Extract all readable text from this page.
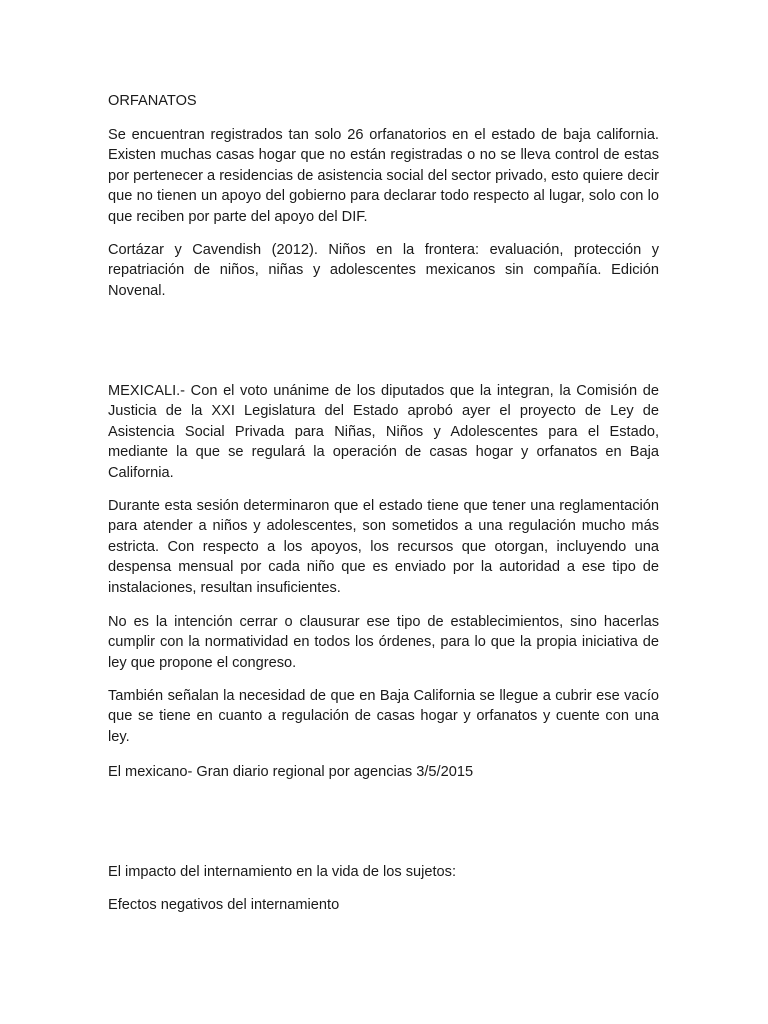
ORFANATOS

Se encuentran registrados tan solo 26 orfanatorios en el estado de baja california. Existen muchas casas hogar que no están registradas o no se lleva control de estas por pertenecer a residencias de asistencia social del sector privado, esto quiere decir que no tienen un apoyo del gobierno para declarar todo respecto al lugar, solo con lo que reciben por parte del apoyo del DIF.

Cortázar y Cavendish (2012). Niños en la frontera: evaluación, protección y repatriación de niños, niñas y adolescentes mexicanos sin compañía. Edición Novenal.

MEXICALI.- Con el voto unánime de los diputados que la integran, la Comisión de Justicia de la XXI Legislatura del Estado aprobó ayer el proyecto de Ley de Asistencia Social Privada para Niñas, Niños y Adolescentes para el Estado, mediante la que se regulará la operación de casas hogar y orfanatos en Baja California.

Durante esta sesión determinaron que el estado tiene que tener una reglamentación para atender a niños y adolescentes, son sometidos a una regulación mucho más estricta. Con respecto a los apoyos, los recursos que otorgan, incluyendo una despensa mensual por cada niño que es enviado por la autoridad a ese tipo de instalaciones, resultan insuficientes.

No es la intención cerrar o clausurar ese tipo de establecimientos, sino hacerlas cumplir con la normatividad en todos los órdenes, para lo que la propia iniciativa de ley que propone el congreso.

También señalan la necesidad de que en Baja California se llegue a cubrir ese vacío que se tiene en cuanto a regulación de casas hogar y orfanatos y cuente con una ley.

El mexicano- Gran diario regional por agencias 3/5/2015

El impacto del internamiento en la vida de los sujetos:

Efectos negativos del internamiento
